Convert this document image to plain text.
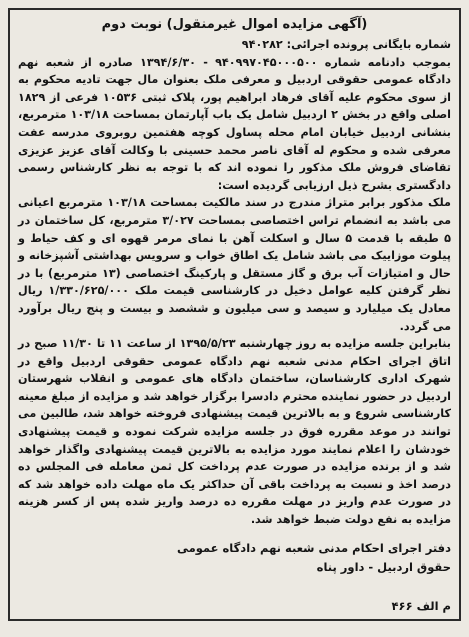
(آگهی مزایده اموال غیرمنقول) نوبت دوم
شماره بایگانی پرونده اجرائی: ۹۴۰۲۸۲

بموجب دادنامه شماره ۹۴۰۹۹۷۰۴۵۰۰۰۵۰۰ - ۱۳۹۴/۶/۳۰ صادره از شعبه نهم دادگاه عمومی حقوقی اردبیل و معرفی ملک بعنوان مال جهت تادیه محکوم به از سوی محکوم علیه آقای فرهاد ابراهیم پور، پلاک ثبتی ۱۰۵۳۶ فرعی از ۱۸۲۹ اصلی واقع در بخش ۲ اردبیل شامل یک باب آپارتمان بمساحت ۱۰۳/۱۸ مترمربع، بنشانی اردبیل خیابان امام محله پساول کوچه هفتمین روبروی مدرسه عفت معرفی شده و محکوم له آقای ناصر محمد حسینی با وکالت آقای عزیز عزیزی تقاضای فروش ملک مذکور را نموده اند که با توجه به نظر کارشناس رسمی دادگستری بشرح ذیل ارزیابی گردیده است:

ملک مذکور برابر متراژ مندرج در سند مالکیت بمساحت ۱۰۳/۱۸ مترمربع اعیانی می باشد به انضمام تراس اختصاصی بمساحت ۳/۰۲۷ مترمربع، کل ساختمان در ۵ طبقه با قدمت ۵ سال و اسکلت آهن با نمای مرمر قهوه ای و کف حیاط و پیلوت موزاییک می باشد شامل یک اطاق خواب و سرویس بهداشتی آشپزخانه و حال و امتیازات آب برق و گاز مستقل و پارکینگ اختصاصی (۱۳ مترمربع) با در نظر گرفتن کلیه عوامل دخیل در کارشناسی قیمت ملک ۱/۳۳۰/۶۲۵/۰۰۰ ریال معادل یک میلیارد و سیصد و سی میلیون و ششصد و بیست و پنج ریال برآورد می گردد.

بنابراین جلسه مزایده به روز چهارشنبه ۱۳۹۵/۵/۲۳ از ساعت ۱۱ تا ۱۱/۳۰ صبح در اتاق اجرای احکام مدنی شعبه نهم دادگاه عمومی حقوقی اردبیل واقع در شهرک اداری کارشناسان، ساختمان دادگاه های عمومی و انقلاب شهرستان اردبیل در حضور نماینده محترم دادسرا برگزار خواهد شد و مزایده از مبلغ معینه کارشناسی شروع و به بالاترین قیمت پیشنهادی فروخته خواهد شد، طالبین می توانند در موعد مقرره فوق در جلسه مزایده شرکت نموده و قیمت پیشنهادی خودشان را اعلام نمایند مورد مزایده به بالاترین قیمت پیشنهادی واگذار خواهد شد و از برنده مزایده در صورت عدم پرداخت کل ثمن معامله فی المجلس ده درصد اخذ و نسبت به پرداخت باقی آن حداکثر یک ماه مهلت داده خواهد شد که در صورت عدم واریز در مهلت مقرره ده درصد واریز شده پس از کسر هزینه مزایده به نفع دولت ضبط خواهد شد.

دفتر اجرای احکام مدنی شعبه نهم دادگاه عمومی
حقوق اردبیل - داور پناه
م الف ۴۶۶
